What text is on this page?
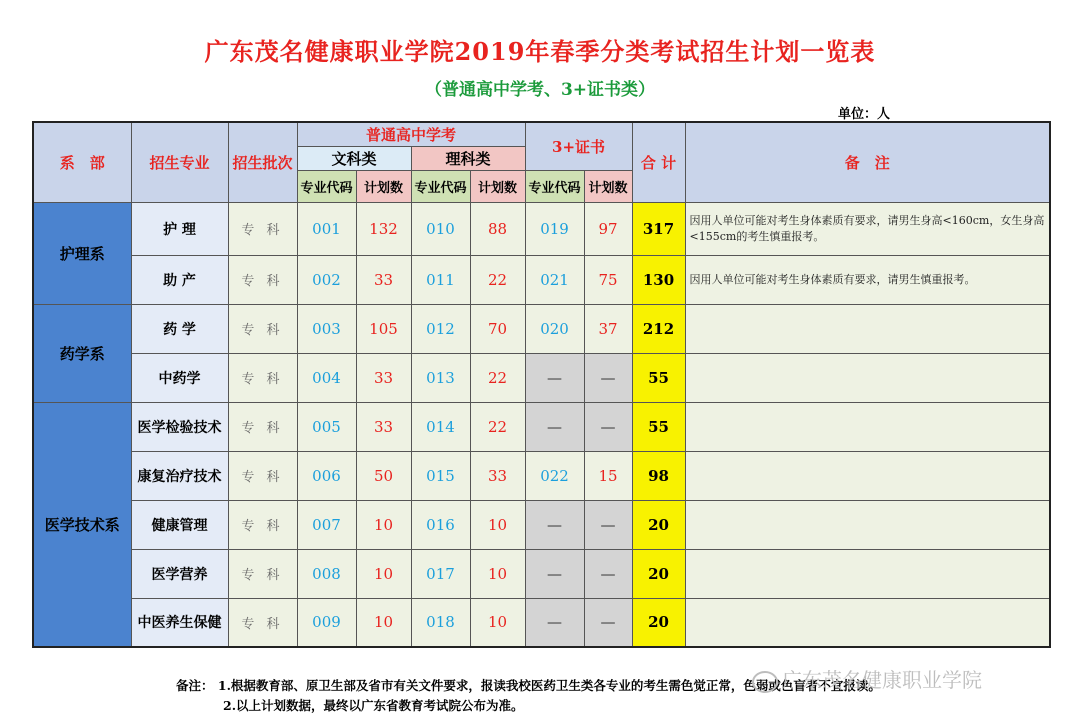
广东茂名健康职业学院2019年春季分类考试招生计划一览表
（普通高中学考、3+证书类）
单位：人
系　部	招生专业	招生批次	普通高中学考				3+证书		合 计	备　注
			文科类		理科类					
			专业代码	计划数	专业代码	计划数	专业代码	计划数		
护理系	护 理	专 科	001	132	010	88	019	97	317	因用人单位可能对考生身体素质有要求，请男生身高<160cm，女生身高<155cm的考生慎重报考。
	助 产	专 科	002	33	011	22	021	75	130	因用人单位可能对考生身体素质有要求，请男生慎重报考。
药学系	药 学	专 科	003	105	012	70	020	37	212	
	中药学	专 科	004	33	013	22	—	—	55	
医学技术系	医学检验技术	专 科	005	33	014	22	—	—	55	
	康复治疗技术	专 科	006	50	015	33	022	15	98	
	健康管理	专 科	007	10	016	10	—	—	20	
	医学营养	专 科	008	10	017	10	—	—	20	
	中医养生保健	专 科	009	10	018	10	—	—	20	
备注： 1.根据教育部、原卫生部及省市有关文件要求，报读我校医药卫生类各专业的考生需色觉正常，色弱或色盲者不宜报读。
2.以上计划数据，最终以广东省教育考试院公布为准。
广东茂名健康职业学院
